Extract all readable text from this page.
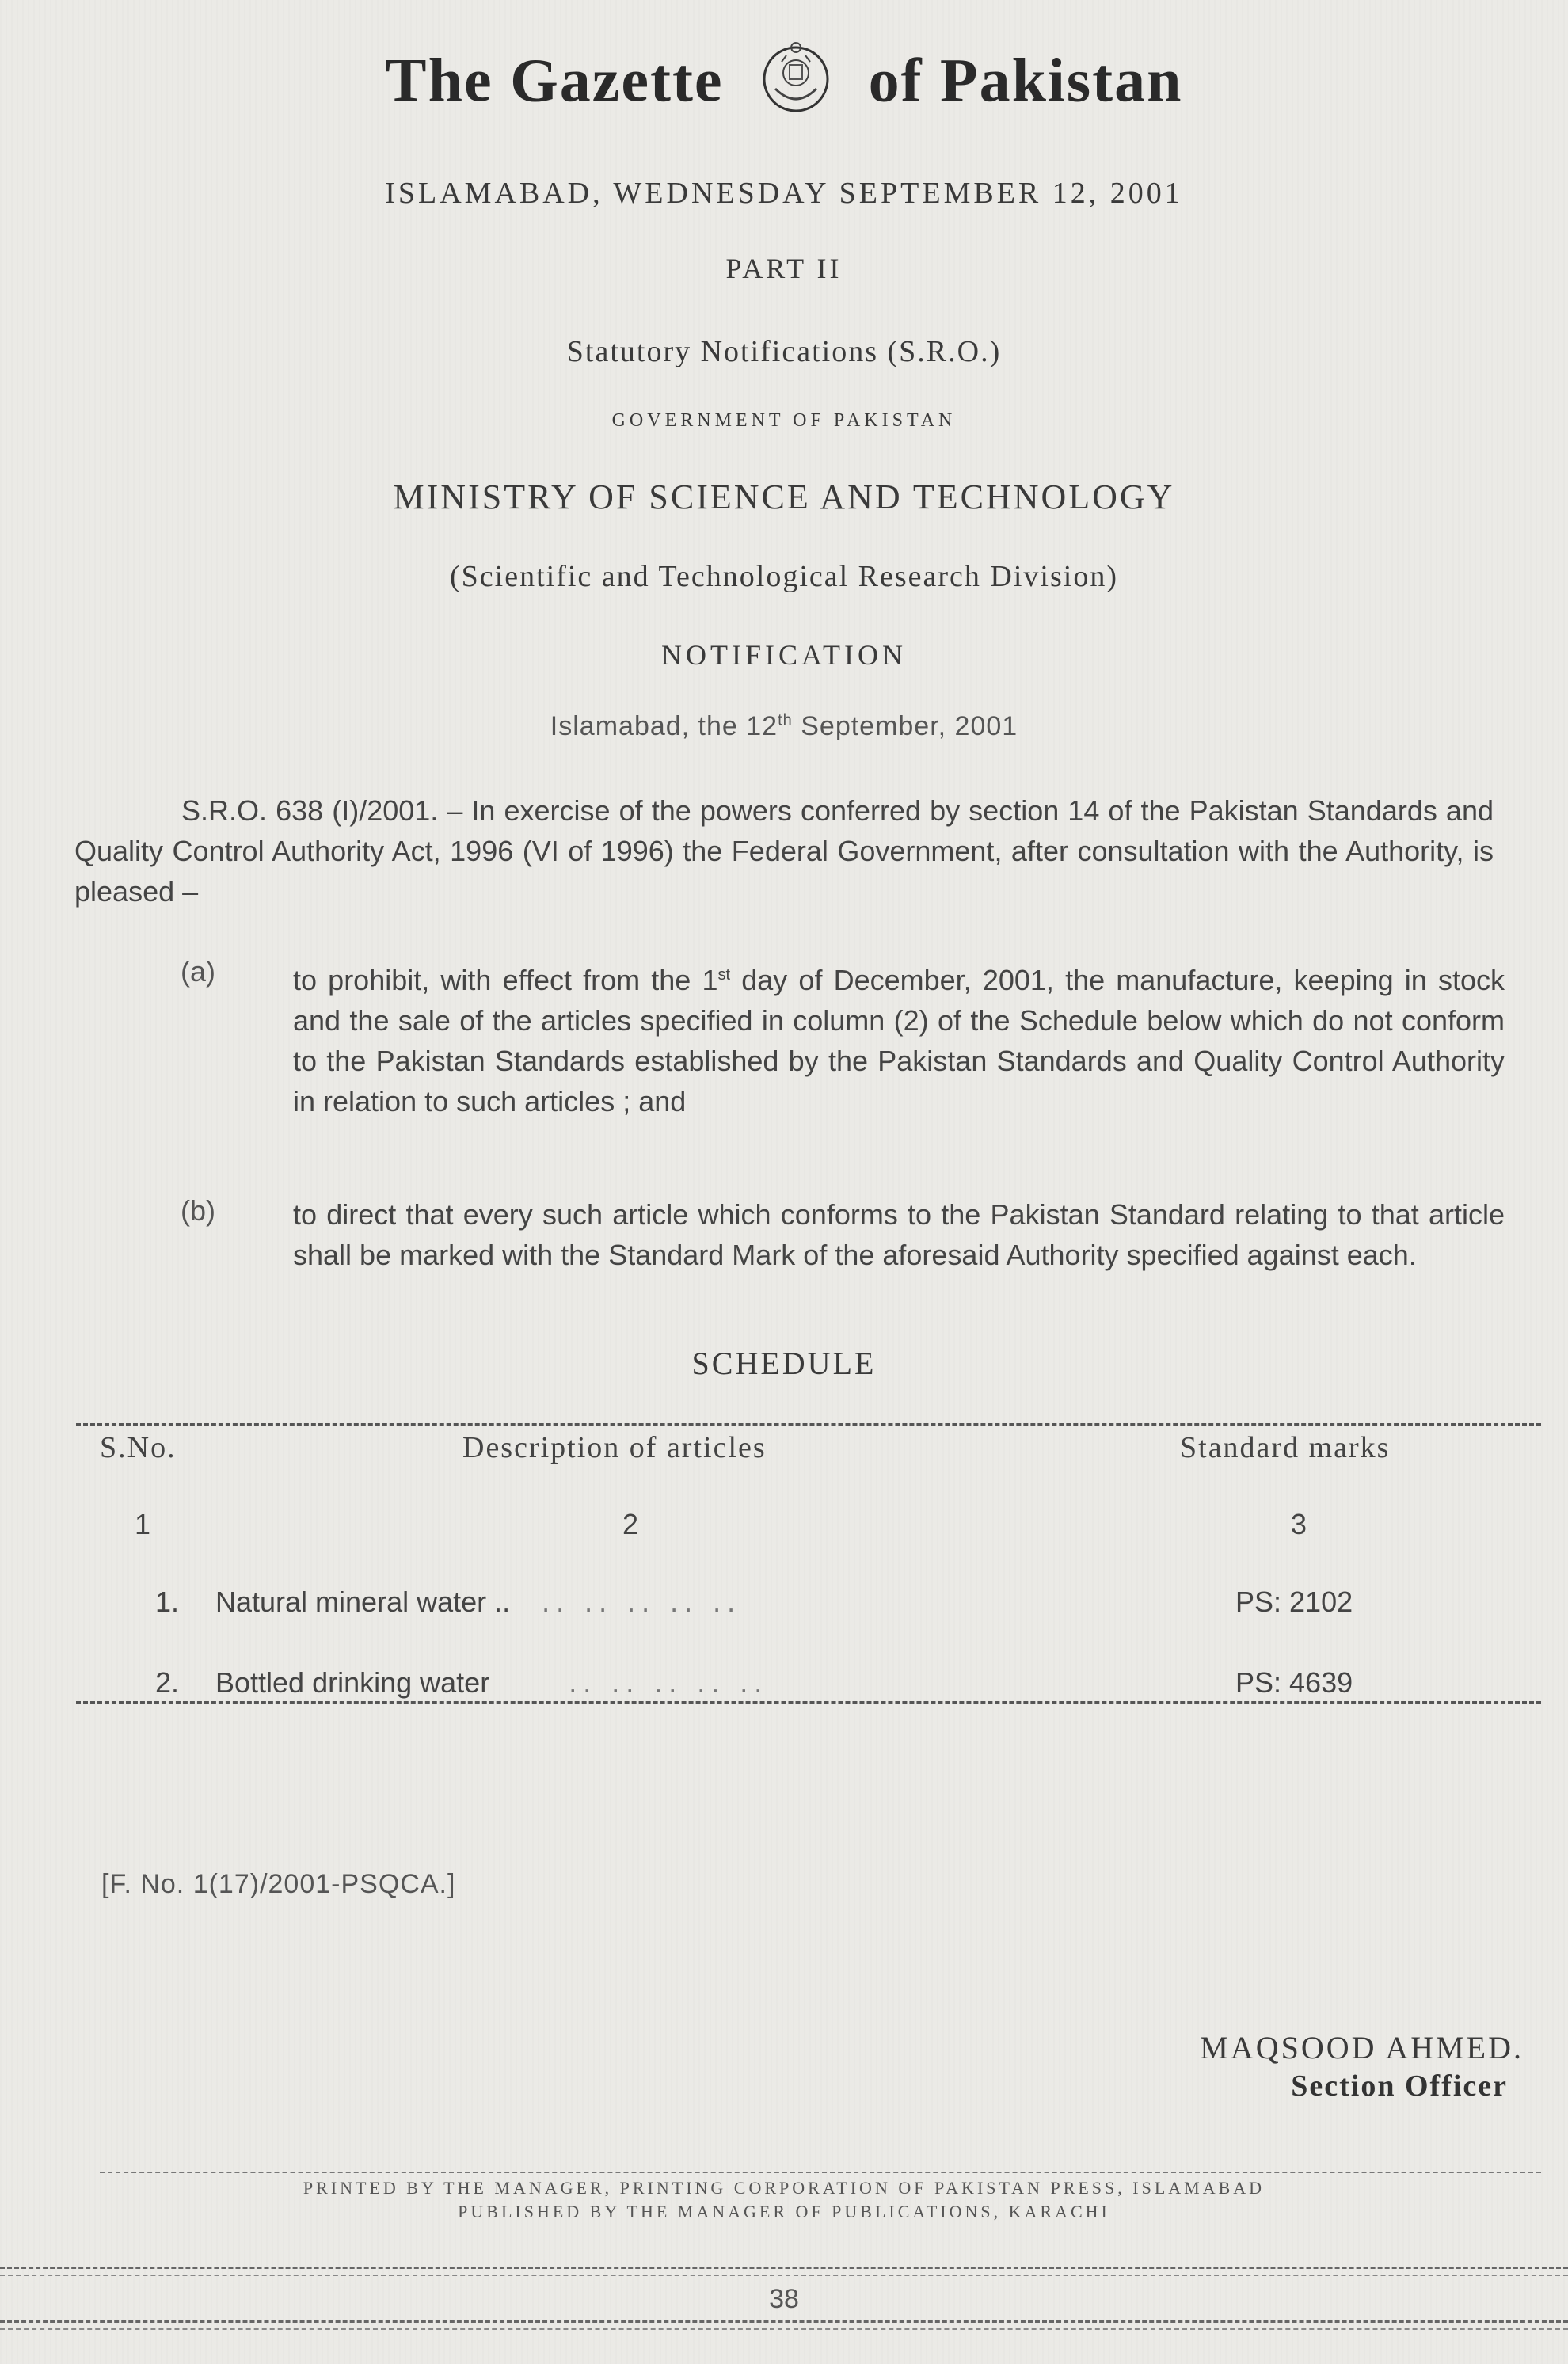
The Gazette of Pakistan
ISLAMABAD, WEDNESDAY SEPTEMBER 12, 2001
PART II
Statutory Notifications (S.R.O.)
GOVERNMENT OF PAKISTAN
MINISTRY OF SCIENCE AND TECHNOLOGY
(Scientific and Technological Research Division)
NOTIFICATION
Islamabad, the 12th September, 2001
S.R.O. 638 (I)/2001. – In exercise of the powers conferred by section 14 of the Pakistan Standards and Quality Control Authority Act, 1996 (VI of 1996) the Federal Government, after consultation with the Authority, is pleased –
(a)	to prohibit, with effect from the 1st day of December, 2001, the manufacture, keeping in stock and the sale of the articles specified in column (2) of the Schedule below which do not conform to the Pakistan Standards established by the Pakistan Standards and Quality Control Authority in relation to such articles ; and
(b)	to direct that every such article which conforms to the Pakistan Standard relating to that article shall be marked with the Standard Mark of the aforesaid Authority specified against each.
SCHEDULE
S.No.	Description of articles	Standard marks
1	2	3
1. Natural mineral water .. .. .. .. .. ..	PS: 2102
2. Bottled drinking water	.. .. .. .. ..	PS: 4639
[F. No. 1(17)/2001-PSQCA.]
MAQSOOD AHMED.
Section Officer
PRINTED BY THE MANAGER, PRINTING CORPORATION OF PAKISTAN PRESS, ISLAMABAD
PUBLISHED BY THE MANAGER OF PUBLICATIONS, KARACHI
38
